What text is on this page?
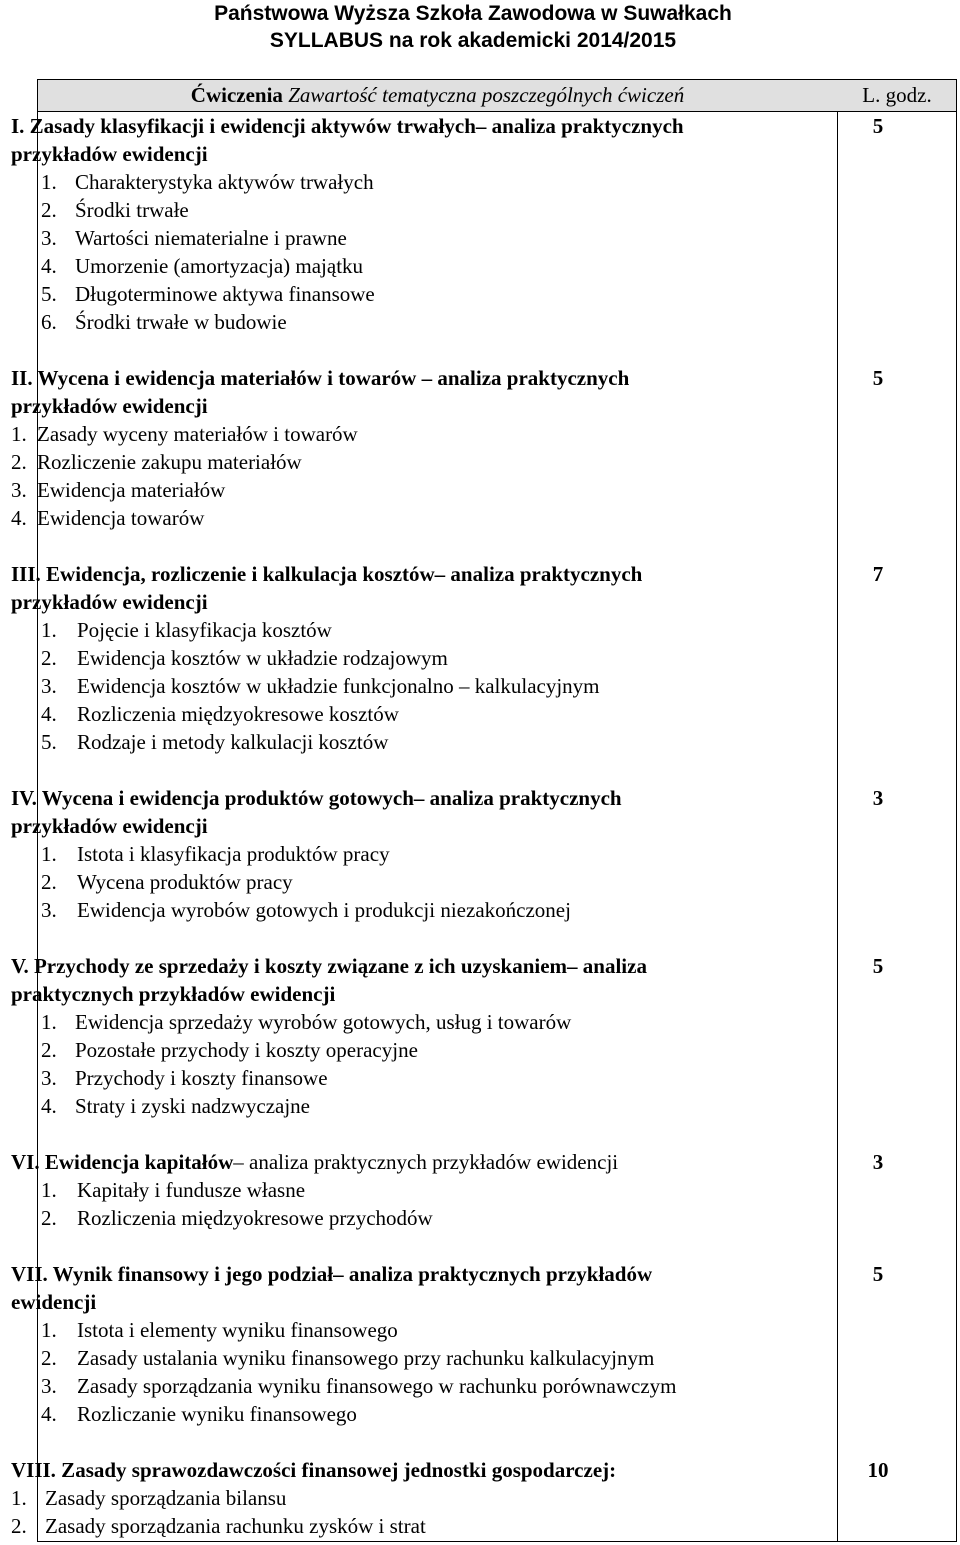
Państwowa Wyższa Szkoła Zawodowa w Suwałkach
SYLLABUS na rok akademicki 2014/2015
Ćwiczenia Zawartość tematyczna poszczególnych ćwiczeń	L. godz.
I. Zasady klasyfikacji i ewidencji aktywów trwałych– analiza praktycznych
przykładów ewidencji
1. Charakterystyka aktywów trwałych
2. Środki trwałe
3. Wartości niematerialne i prawne
4. Umorzenie (amortyzacja) majątku
5. Długoterminowe aktywa finansowe
6. Środki trwałe w budowie
II. Wycena i ewidencja materiałów i towarów – analiza praktycznych
przykładów ewidencji
1. Zasady wyceny materiałów i towarów
2. Rozliczenie zakupu materiałów
3. Ewidencja materiałów
4. Ewidencja towarów
III. Ewidencja, rozliczenie i kalkulacja kosztów– analiza praktycznych
przykładów ewidencji
1. Pojęcie i klasyfikacja kosztów
2. Ewidencja kosztów w układzie rodzajowym
3. Ewidencja kosztów w układzie funkcjonalno – kalkulacyjnym
4. Rozliczenia międzyokresowe kosztów
5. Rodzaje i metody kalkulacji kosztów
IV. Wycena i ewidencja produktów gotowych– analiza praktycznych
przykładów ewidencji
1. Istota i klasyfikacja produktów pracy
2. Wycena produktów pracy
3. Ewidencja wyrobów gotowych i produkcji niezakończonej
V. Przychody ze sprzedaży i koszty związane z ich uzyskaniem– analiza
praktycznych przykładów ewidencji
1. Ewidencja sprzedaży wyrobów gotowych, usług i towarów
2. Pozostałe przychody i koszty operacyjne
3. Przychody i koszty finansowe
4. Straty i zyski nadzwyczajne
VI. Ewidencja kapitałów– analiza praktycznych przykładów ewidencji
1. Kapitały i fundusze własne
2. Rozliczenia międzyokresowe przychodów
VII. Wynik finansowy i jego podział– analiza praktycznych przykładów
ewidencji
1. Istota i elementy wyniku finansowego
2. Zasady ustalania wyniku finansowego przy rachunku kalkulacyjnym
3. Zasady sporządzania wyniku finansowego w rachunku porównawczym
4. Rozliczanie wyniku finansowego
VIII. Zasady sprawozdawczości finansowej jednostki gospodarczej:
1. Zasady sporządzania bilansu
2. Zasady sporządzania rachunku zysków i strat
5
5
7
3
5
3
5
10
